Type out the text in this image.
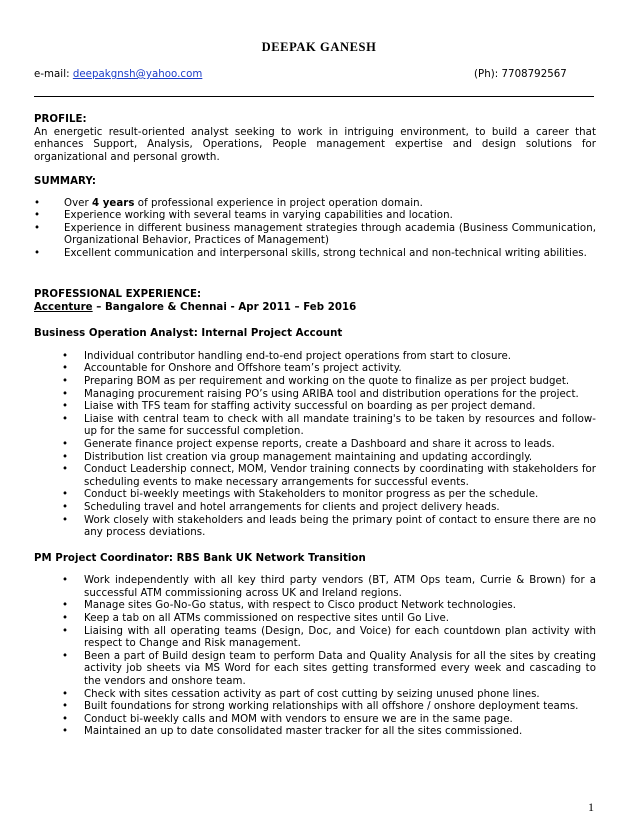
DEEPAK GANESH
e-mail: deepakgnsh@yahoo.com	(Ph): 7708792567
PROFILE:

An energetic result-oriented analyst seeking to work in intriguing environment, to build a career that enhances Support, Analysis, Operations, People management expertise and design solutions for organizational and personal growth.

SUMMARY:
• Over 4 years of professional experience in project operation domain.
• Experience working with several teams in varying capabilities and location.
• Experience in different business management strategies through academia (Business Communication, Organizational Behavior, Practices of Management)
• Excellent communication and interpersonal skills, strong technical and non-technical writing abilities.
PROFESSIONAL EXPERIENCE:
Accenture – Bangalore & Chennai - Apr 2011 – Feb 2016
Business Operation Analyst: Internal Project Account
• Individual contributor handling end-to-end project operations from start to closure.
• Accountable for Onshore and Offshore team’s project activity.
• Preparing BOM as per requirement and working on the quote to finalize as per project budget.
• Managing procurement raising PO’s using ARIBA tool and distribution operations for the project.
• Liaise with TFS team for staffing activity successful on boarding as per project demand.
• Liaise with central team to check with all mandate training's to be taken by resources and follow-up for the same for successful completion.
• Generate finance project expense reports, create a Dashboard and share it across to leads.
• Distribution list creation via group management maintaining and updating accordingly.
• Conduct Leadership connect, MOM, Vendor training connects by coordinating with stakeholders for scheduling events to make necessary arrangements for successful events.
• Conduct bi-weekly meetings with Stakeholders to monitor progress as per the schedule.
• Scheduling travel and hotel arrangements for clients and project delivery heads.
• Work closely with stakeholders and leads being the primary point of contact to ensure there are no any process deviations.
PM Project Coordinator: RBS Bank UK Network Transition
• Work independently with all key third party vendors (BT, ATM Ops team, Currie & Brown) for a successful ATM commissioning across UK and Ireland regions.
• Manage sites Go-No-Go status, with respect to Cisco product Network technologies.
• Keep a tab on all ATMs commissioned on respective sites until Go Live.
• Liaising with all operating teams (Design, Doc, and Voice) for each countdown plan activity with respect to Change and Risk management.
• Been a part of Build design team to perform Data and Quality Analysis for all the sites by creating activity job sheets via MS Word for each sites getting transformed every week and cascading to the vendors and onshore team.
• Check with sites cessation activity as part of cost cutting by seizing unused phone lines.
• Built foundations for strong working relationships with all offshore / onshore deployment teams.
• Conduct bi-weekly calls and MOM with vendors to ensure we are in the same page.
• Maintained an up to date consolidated master tracker for all the sites commissioned.
1
